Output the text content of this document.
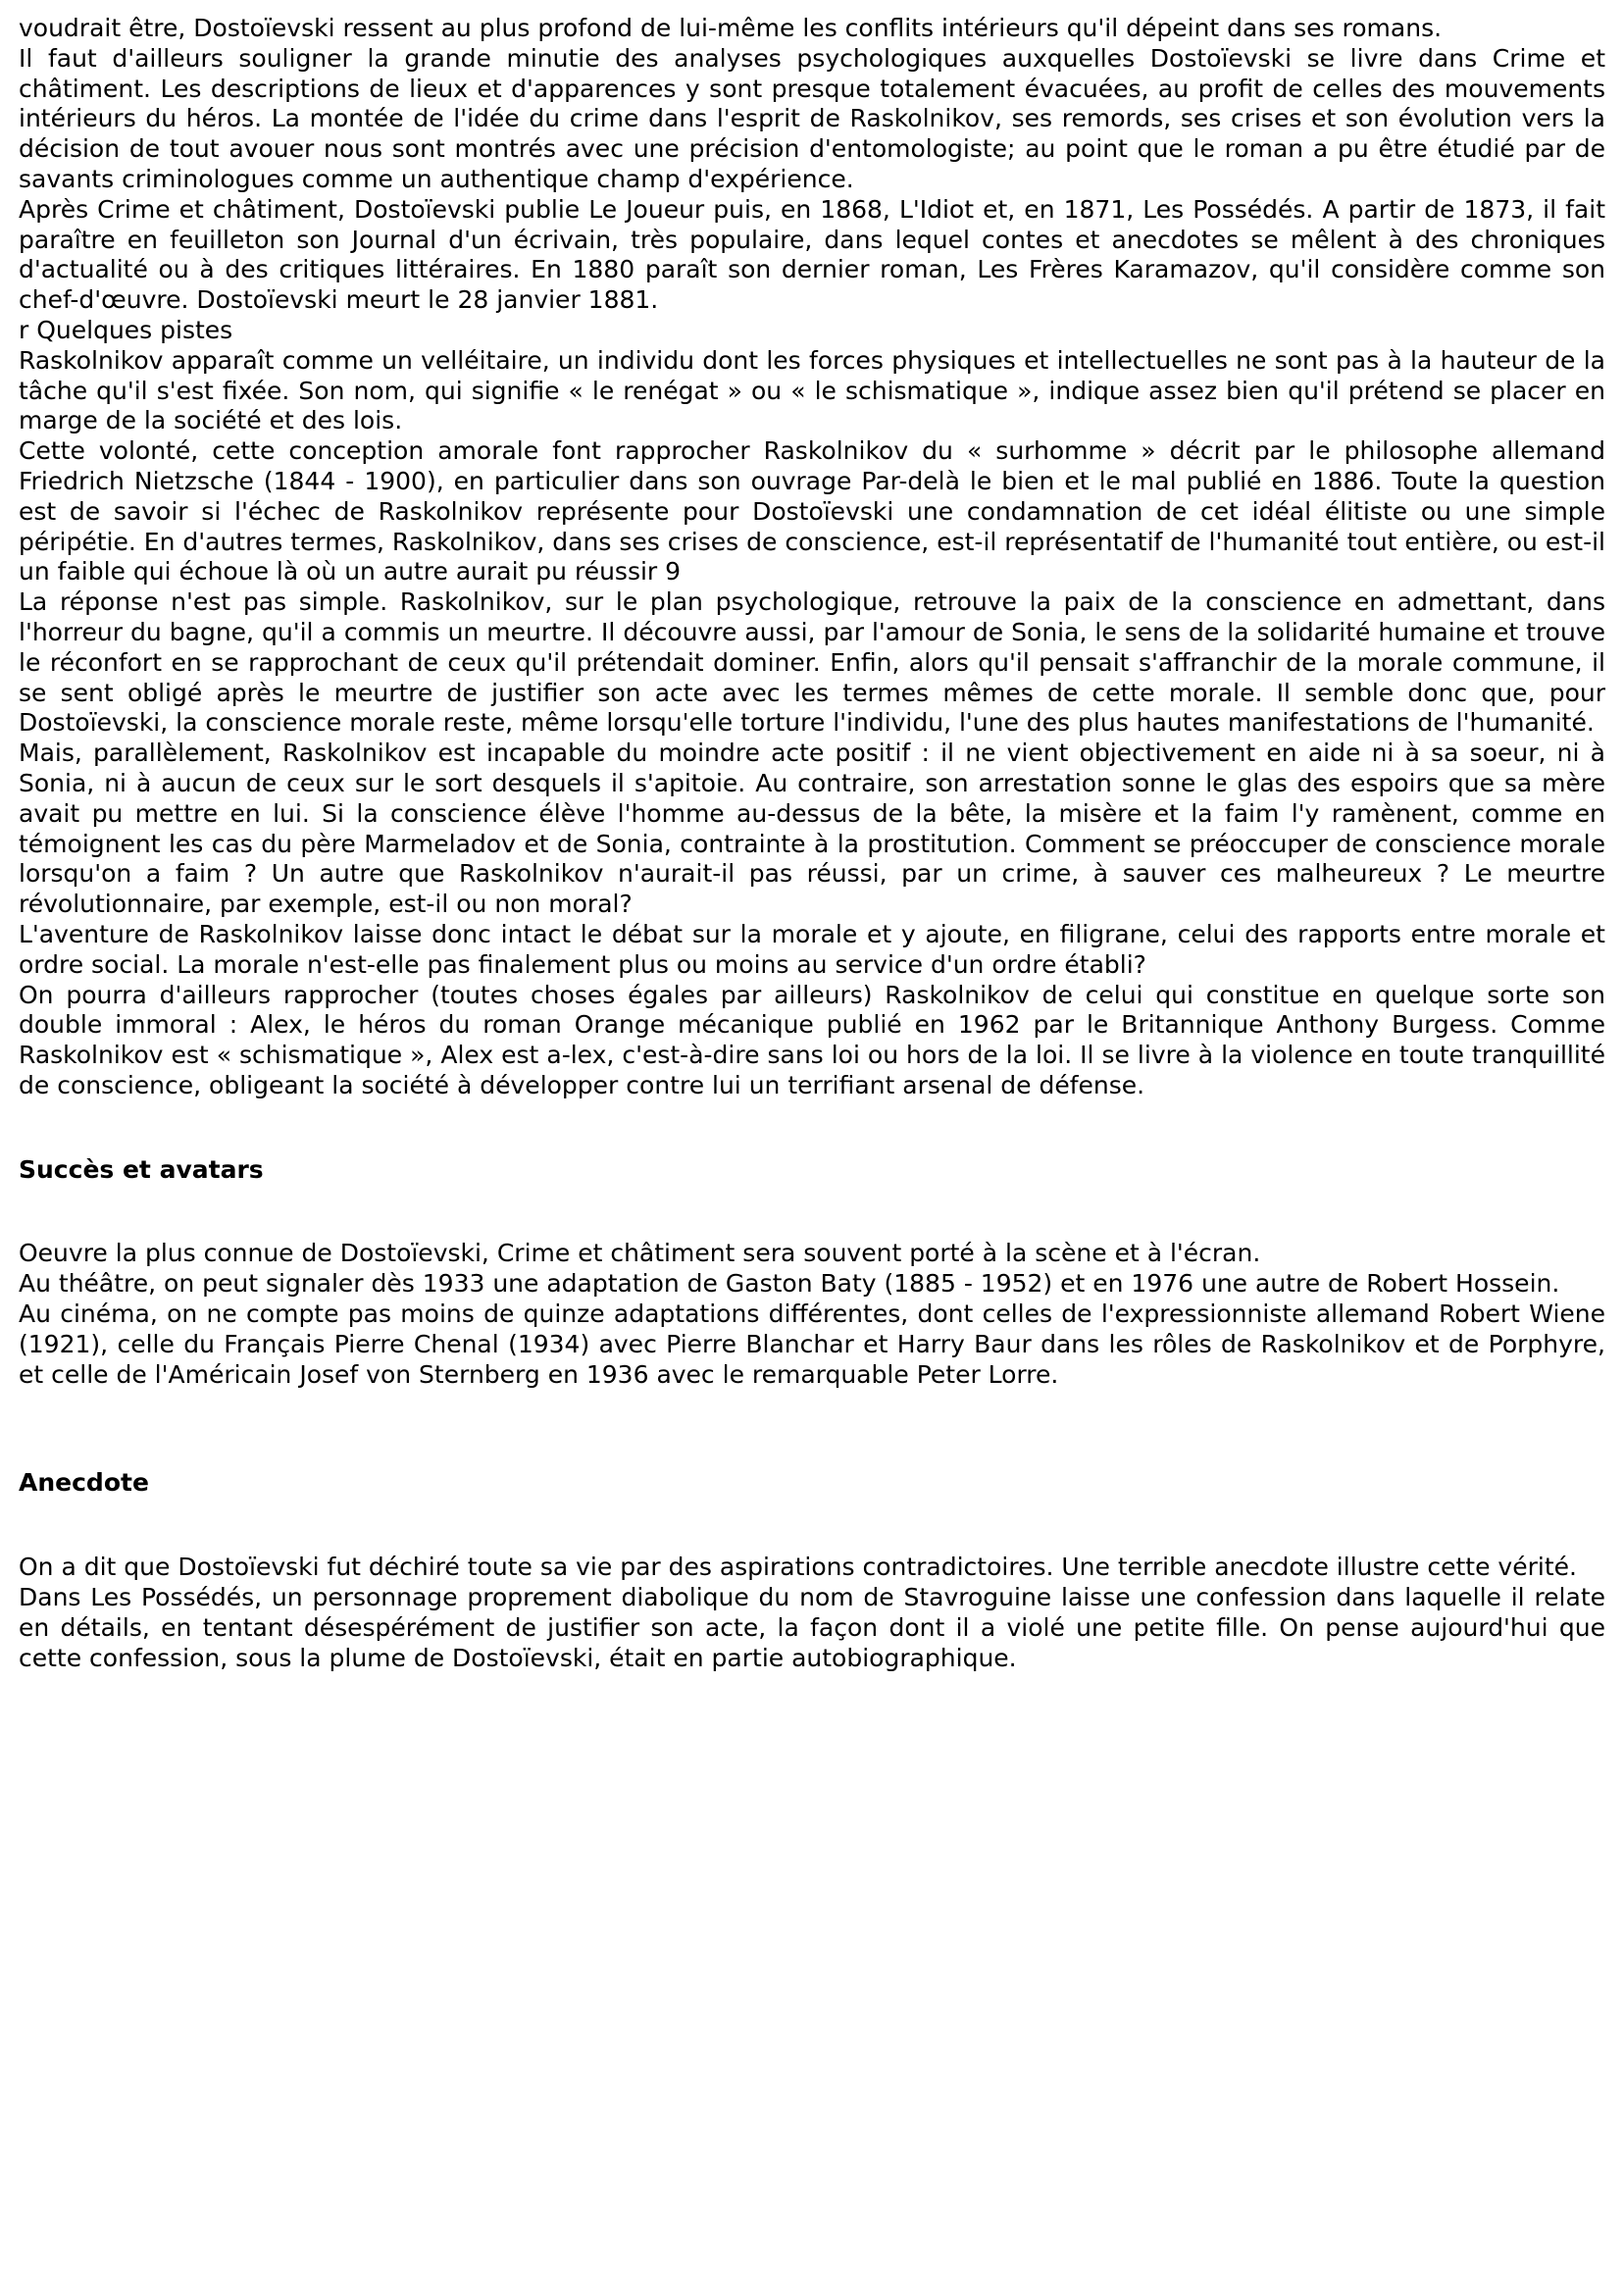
voudrait être, Dostoïevski ressent au plus profond de lui-même les conflits intérieurs qu'il dépeint dans ses romans.

Il faut d'ailleurs souligner la grande minutie des analyses psychologiques auxquelles Dostoïevski se livre dans Crime et châtiment. Les descriptions de lieux et d'apparences y sont presque totalement évacuées, au profit de celles des mouvements intérieurs du héros. La montée de l'idée du crime dans l'esprit de Raskolnikov, ses remords, ses crises et son évolution vers la décision de tout avouer nous sont montrés avec une précision d'entomologiste; au point que le roman a pu être étudié par de savants criminologues comme un authentique champ d'expérience.

Après Crime et châtiment, Dostoïevski publie Le Joueur puis, en 1868, L'Idiot et, en 1871, Les Possédés. A partir de 1873, il fait paraître en feuilleton son Journal d'un écrivain, très populaire, dans lequel contes et anecdotes se mêlent à des chroniques d'actualité ou à des critiques littéraires. En 1880 paraît son dernier roman, Les Frères Karamazov, qu'il considère comme son chef-d'œuvre. Dostoïevski meurt le 28 janvier 1881.

r Quelques pistes

Raskolnikov apparaît comme un velléitaire, un individu dont les forces physiques et intellectuelles ne sont pas à la hauteur de la tâche qu'il s'est fixée. Son nom, qui signifie « le renégat » ou « le schismatique », indique assez bien qu'il prétend se placer en marge de la société et des lois.

Cette volonté, cette conception amorale font rapprocher Raskolnikov du « surhomme » décrit par le philosophe allemand Friedrich Nietzsche (1844 - 1900), en particulier dans son ouvrage Par-delà le bien et le mal publié en 1886. Toute la question est de savoir si l'échec de Raskolnikov représente pour Dostoïevski une condamnation de cet idéal élitiste ou une simple péripétie. En d'autres termes, Raskolnikov, dans ses crises de conscience, est-il représentatif de l'humanité tout entière, ou est-il un faible qui échoue là où un autre aurait pu réussir 9

La réponse n'est pas simple. Raskolnikov, sur le plan psychologique, retrouve la paix de la conscience en admettant, dans l'horreur du bagne, qu'il a commis un meurtre. Il découvre aussi, par l'amour de Sonia, le sens de la solidarité humaine et trouve le réconfort en se rapprochant de ceux qu'il prétendait dominer. Enfin, alors qu'il pensait s'affranchir de la morale commune, il se sent obligé après le meurtre de justifier son acte avec les termes mêmes de cette morale. Il semble donc que, pour Dostoïevski, la conscience morale reste, même lorsqu'elle torture l'individu, l'une des plus hautes manifestations de l'humanité.

Mais, parallèlement, Raskolnikov est incapable du moindre acte positif : il ne vient objectivement en aide ni à sa soeur, ni à Sonia, ni à aucun de ceux sur le sort desquels il s'apitoie. Au contraire, son arrestation sonne le glas des espoirs que sa mère avait pu mettre en lui. Si la conscience élève l'homme au-dessus de la bête, la misère et la faim l'y ramènent, comme en témoignent les cas du père Marmeladov et de Sonia, contrainte à la prostitution. Comment se préoccuper de conscience morale lorsqu'on a faim ? Un autre que Raskolnikov n'aurait-il pas réussi, par un crime, à sauver ces malheureux ? Le meurtre révolutionnaire, par exemple, est-il ou non moral?

L'aventure de Raskolnikov laisse donc intact le débat sur la morale et y ajoute, en filigrane, celui des rapports entre morale et ordre social. La morale n'est-elle pas finalement plus ou moins au service d'un ordre établi?

On pourra d'ailleurs rapprocher (toutes choses égales par ailleurs) Raskolnikov de celui qui constitue en quelque sorte son double immoral : Alex, le héros du roman Orange mécanique publié en 1962 par le Britannique Anthony Burgess. Comme Raskolnikov est « schismatique », Alex est a-lex, c'est-à-dire sans loi ou hors de la loi. Il se livre à la violence en toute tranquillité de conscience, obligeant la société à développer contre lui un terrifiant arsenal de défense.

Succès et avatars

Oeuvre la plus connue de Dostoïevski, Crime et châtiment sera souvent porté à la scène et à l'écran.

Au théâtre, on peut signaler dès 1933 une adaptation de Gaston Baty (1885 - 1952) et en 1976 une autre de Robert Hossein.

Au cinéma, on ne compte pas moins de quinze adaptations différentes, dont celles de l'expressionniste allemand Robert Wiene (1921), celle du Français Pierre Chenal (1934) avec Pierre Blanchar et Harry Baur dans les rôles de Raskolnikov et de Porphyre, et celle de l'Américain Josef von Sternberg en 1936 avec le remarquable Peter Lorre.

Anecdote

On a dit que Dostoïevski fut déchiré toute sa vie par des aspirations contradictoires. Une terrible anecdote illustre cette vérité.

Dans Les Possédés, un personnage proprement diabolique du nom de Stavroguine laisse une confession dans laquelle il relate en détails, en tentant désespérément de justifier son acte, la façon dont il a violé une petite fille. On pense aujourd'hui que cette confession, sous la plume de Dostoïevski, était en partie autobiographique.
